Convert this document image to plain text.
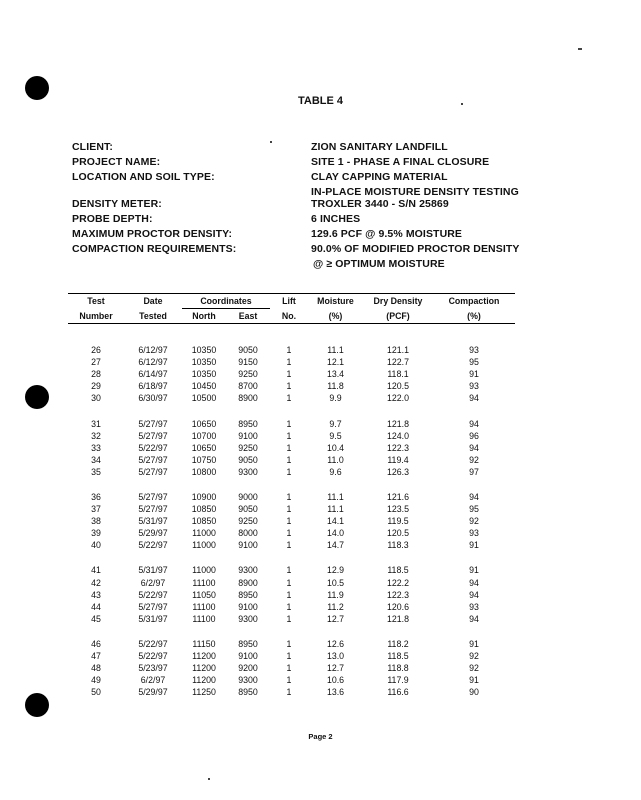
TABLE 4
CLIENT:	ZION SANITARY LANDFILL
PROJECT NAME:	SITE 1 - PHASE A FINAL CLOSURE
LOCATION AND SOIL TYPE:	CLAY CAPPING MATERIAL
IN-PLACE MOISTURE DENSITY TESTING
DENSITY METER:	TROXLER 3440 - S/N 25869
PROBE DEPTH:	6 INCHES
MAXIMUM PROCTOR DENSITY:	129.6 PCF @ 9.5% MOISTURE
COMPACTION REQUIREMENTS:	90.0% OF MODIFIED PROCTOR DENSITY
@ ≥ OPTIMUM MOISTURE
Test	Date	Coordinates		Lift	Moisture	Dry Density	Compaction
Number	Tested	North	East	No.	(%)	(PCF)	(%)

26	6/12/97	10350	9050	1	11.1	121.1	93
27	6/12/97	10350	9150	1	12.1	122.7	95
28	6/14/97	10350	9250	1	13.4	118.1	91
29	6/18/97	10450	8700	1	11.8	120.5	93
30	6/30/97	10500	8900	1	9.9	122.0	94

31	5/27/97	10650	8950	1	9.7	121.8	94
32	5/27/97	10700	9100	1	9.5	124.0	96
33	5/22/97	10650	9250	1	10.4	122.3	94
34	5/27/97	10750	9050	1	11.0	119.4	92
35	5/27/97	10800	9300	1	9.6	126.3	97

36	5/27/97	10900	9000	1	11.1	121.6	94
37	5/27/97	10850	9050	1	11.1	123.5	95
38	5/31/97	10850	9250	1	14.1	119.5	92
39	5/29/97	11000	8000	1	14.0	120.5	93
40	5/22/97	11000	9100	1	14.7	118.3	91

41	5/31/97	11000	9300	1	12.9	118.5	91
42	6/2/97	11100	8900	1	10.5	122.2	94
43	5/22/97	11050	8950	1	11.9	122.3	94
44	5/27/97	11100	9100	1	11.2	120.6	93
45	5/31/97	11100	9300	1	12.7	121.8	94

46	5/22/97	11150	8950	1	12.6	118.2	91
47	5/22/97	11200	9100	1	13.0	118.5	92
48	5/23/97	11200	9200	1	12.7	118.8	92
49	6/2/97	11200	9300	1	10.6	117.9	91
50	5/29/97	11250	8950	1	13.6	116.6	90
Page 2
